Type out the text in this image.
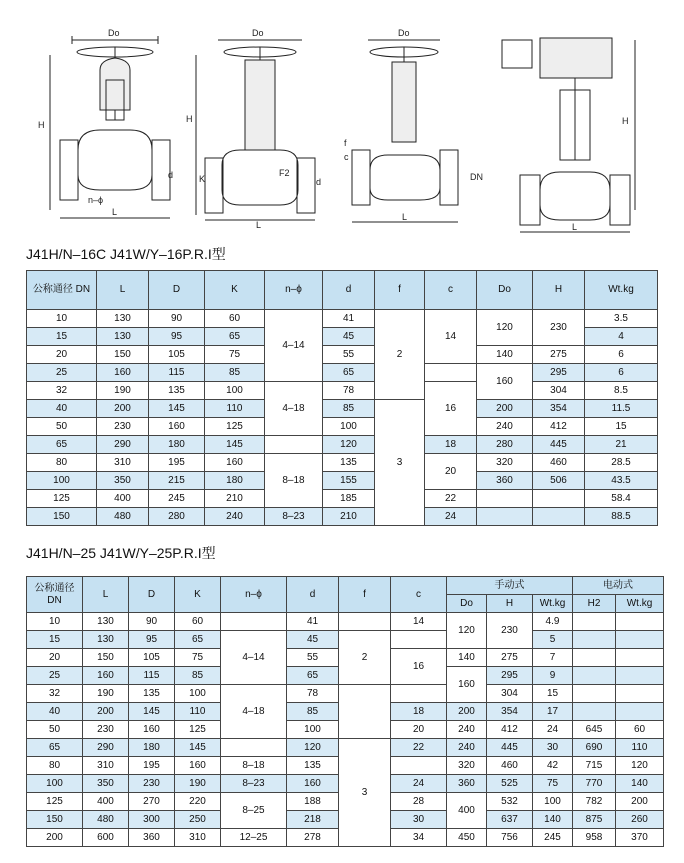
Do
H
L
n–ϕ
d
Do
H
L
K
F2
d
Do
L
f
c
DN
H
L
J41H/N–16C J41W/Y–16P.R.I型
公称通径 DN	L	D	K	n–ϕ	d	f	c	Do	H	Wt.kg
10	130	90	60	4–14	41	2	14	120	230	3.5
15	130	95	65		45					4
20	150	105	75		55			140	275	6
25	160	115	85		65			160	295	6
32	190	135	100	4–18	78		16		304	8.5
40	200	145	110		85	3		200	354	11.5
50	230	160	125		100			240	412	15
65	290	180	145		120		18	280	445	21
80	310	195	160	8–18	135		20	320	460	28.5
100	350	215	180		155			360	506	43.5
125	400	245	210		185		22			58.4
150	480	280	240	8–23	210		24			88.5
J41H/N–25 J41W/Y–25P.R.I型
公称通径 DN	L	D	K	n–ϕ	d	f	c	手动式			电动式	
								Do	H	Wt.kg	H2	Wt.kg
10	130	90	60		41		14	120	230	4.9		
15	130	95	65	4–14	45	2				5		
20	150	105	75		55		16	140	275	7		
25	160	115	85		65			160	295	9		
32	190	135	100	4–18	78				304	15		
40	200	145	110		85		18	200	354	17		
50	230	160	125		100		20	240	412	24	645	60
65	290	180	145		120	3	22	240	445	30	690	110
80	310	195	160	8–18	135			320	460	42	715	120
100	350	230	190	8–23	160		24	360	525	75	770	140
125	400	270	220	8–25	188		28	400	532	100	782	200
150	480	300	250		218		30		637	140	875	260
200	600	360	310	12–25	278		34	450	756	245	958	370
